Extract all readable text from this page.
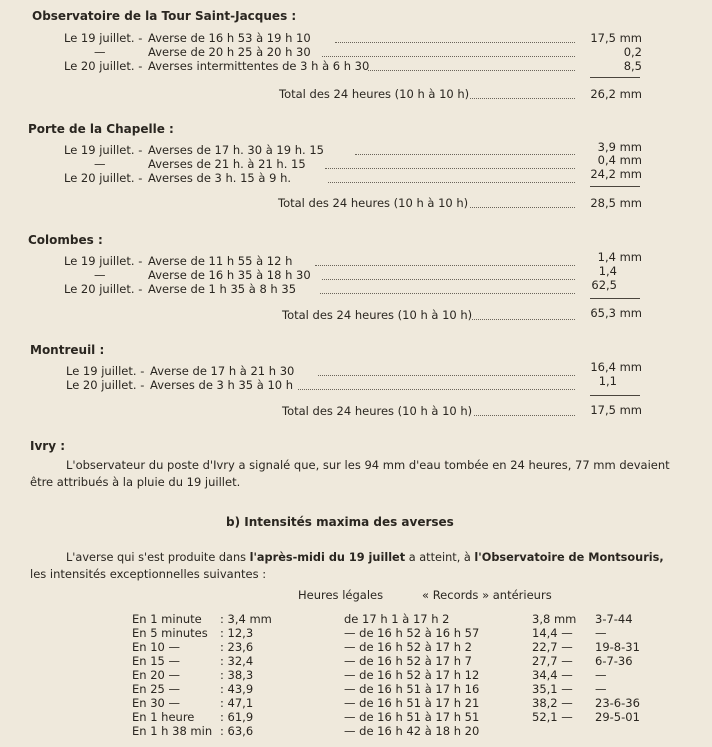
Observatoire de la Tour Saint-Jacques :
Le 19 juillet. - Averse de 16 h 53 à 19 h 10	17,5 mm
—	Averse de 20 h 25 à 20 h 30	0,2
Le 20 juillet. - Averses intermittentes de 3 h à 6 h 30	8,5
Total des 24 heures (10 h à 10 h)	26,2 mm
Porte de la Chapelle :
Le 19 juillet. - Averses de 17 h. 30 à 19 h. 15	3,9 mm
—	Averses de 21 h. à 21 h. 15	0,4 mm
Le 20 juillet. - Averses de 3 h. 15 à 9 h.	24,2 mm
Total des 24 heures (10 h à 10 h)	28,5 mm
Colombes :
Le 19 juillet. - Averse de 11 h 55 à 12 h	1,4 mm
—	Averse de 16 h 35 à 18 h 30	1,4
Le 20 juillet. - Averse de 1 h 35 à 8 h 35	62,5
Total des 24 heures (10 h à 10 h)	65,3 mm
Montreuil :
Le 19 juillet. - Averse de 17 h à 21 h 30	16,4 mm
Le 20 juillet. - Averses de 3 h 35 à 10 h	1,1
Total des 24 heures (10 h à 10 h)	17,5 mm
Ivry :
L'observateur du poste d'Ivry a signalé que, sur les 94 mm d'eau tombée en 24 heures, 77 mm devaient
être attribués à la pluie du 19 juillet.
b) Intensités maxima des averses
L'averse qui s'est produite dans l'après-midi du 19 juillet a atteint, à l'Observatoire de Montsouris,
les intensités exceptionnelles suivantes :
Heures légales	« Records » antérieurs
En 1 minute	: 3,4 mm	de 17 h 1 à 17 h 2	3,8 mm	3-7-44
En 5 minutes	: 12,3	— de 16 h 52 à 16 h 57	14,4 —	—
En 10 —	: 23,6	— de 16 h 52 à 17 h 2	22,7 —	19-8-31
En 15 —	: 32,4	— de 16 h 52 à 17 h 7	27,7 —	6-7-36
En 20 —	: 38,3	— de 16 h 52 à 17 h 12	34,4 —	—
En 25 —	: 43,9	— de 16 h 51 à 17 h 16	35,1 —	—
En 30 —	: 47,1	— de 16 h 51 à 17 h 21	38,2 —	23-6-36
En 1 heure	: 61,9	— de 16 h 51 à 17 h 51	52,1 —	29-5-01
En 1 h 38 min	: 63,6	— de 16 h 42 à 18 h 20		
